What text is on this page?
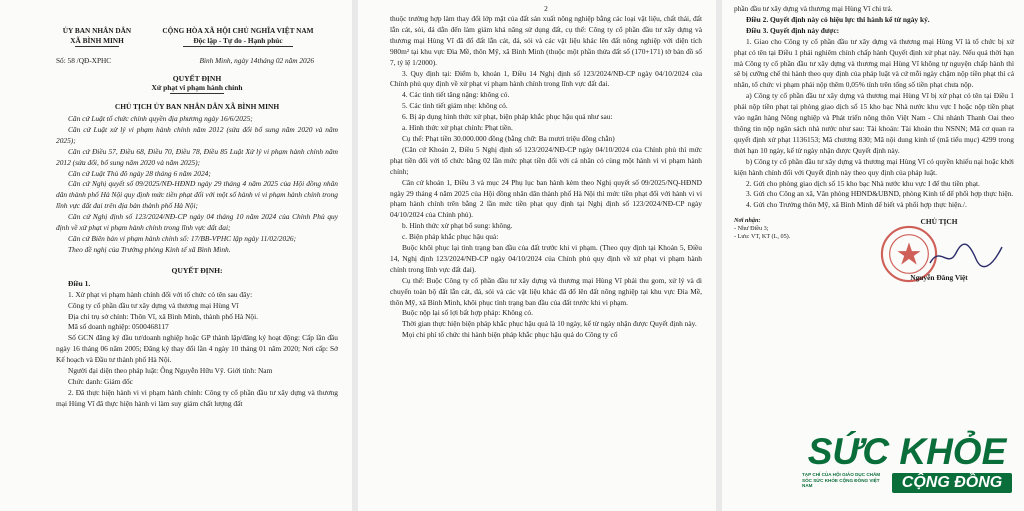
ỦY BAN NHÂN DÂN
XÃ BÌNH MINH
CỘNG HÒA XÃ HỘI CHỦ NGHĨA VIỆT NAM
Độc lập - Tự do - Hạnh phúc
Số: 58 /QĐ-XPHC	Bình Minh, ngày 14tháng 02 năm 2026
QUYẾT ĐỊNH
Xử phạt vi phạm hành chính
CHỦ TỊCH ỦY BAN NHÂN DÂN XÃ BÌNH MINH

Căn cứ Luật tổ chức chính quyền địa phương ngày 16/6/2025;

Căn cứ Luật xử lý vi phạm hành chính năm 2012 (sửa đổi bổ sung năm 2020 và năm 2025);

Căn cứ Điều 57, Điều 68, Điều 70, Điều 78, Điều 85 Luật Xử lý vi phạm hành chính năm 2012 (sửa đổi, bổ sung năm 2020 và năm 2025);

Căn cứ Luật Thủ đô ngày 28 tháng 6 năm 2024;

Căn cứ Nghị quyết số 09/2025/NĐ-HĐND ngày 29 tháng 4 năm 2025 của Hội đồng nhân dân thành phố Hà Nội quy định mức tiền phạt đối với một số hành vi vi phạm hành chính trong lĩnh vực đất đai trên địa bàn thành phố Hà Nội;

Căn cứ Nghị định số 123/2024/NĐ-CP ngày 04 tháng 10 năm 2024 của Chính Phủ quy định về xử phạt vi phạm hành chính trong lĩnh vực đất đai;

Căn cứ Biên bản vi phạm hành chính số: 17/BB-VPHC lập ngày 11/02/2026;

Theo đề nghị của Trưởng phòng Kinh tế xã Bình Minh.

QUYẾT ĐỊNH:

Điều 1.

1. Xử phạt vi phạm hành chính đối với tổ chức có tên sau đây:

Công ty cổ phần đầu tư xây dựng và thương mại Hùng Vĩ

Địa chỉ trụ sở chính: Thôn Vĩ, xã Bình Minh, thành phố Hà Nội.

Mã số doanh nghiệp: 0500468117

Số GCN đăng ký đầu tư/doanh nghiệp hoặc GP thành lập/đăng ký hoạt động: Cấp lần đầu ngày 16 tháng 06 năm 2005; Đăng ký thay đổi lần 4 ngày 10 tháng 01 năm 2020; Nơi cấp: Sở Kế hoạch và Đầu tư thành phố Hà Nội.

Người đại diện theo pháp luật: Ông Nguyễn Hữu Vỹ. Giới tính: Nam

Chức danh: Giám đốc

2. Đã thực hiện hành vi vi phạm hành chính: Công ty cổ phần đầu tư xây dựng và thương mại Hùng Vĩ đã thực hiện hành vi làm suy giảm chất lượng đất

2

thuộc trường hợp làm thay đổi lớp mặt của đất sản xuất nông nghiệp bằng các loại vật liệu, chất thải, đất lẫn cát, sỏi, đá dẫn đến làm giảm khả năng sử dụng đất, cụ thể: Công ty cổ phần đầu tư xây dựng và thương mại Hùng Vĩ đã đổ đất lẫn cát, đá, sỏi và các vật liệu khác lên đất nông nghiệp với diện tích 980m² tại khu vực Đìa Mề, thôn Mỹ, xã Bình Minh (thuộc một phần thửa đất số (170+171) tờ bản đồ số 7, tỷ lệ 1/2000).

3. Quy định tại: Điểm b, khoản 1, Điều 14 Nghị định số 123/2024/NĐ-CP ngày 04/10/2024 của Chính phủ quy định về xử phạt vi phạm hành chính trong lĩnh vực đất đai.

4. Các tình tiết tăng nặng: không có.

5. Các tình tiết giảm nhẹ: không có.

6. Bị áp dụng hình thức xử phạt, biện pháp khắc phục hậu quả như sau:

a. Hình thức xử phạt chính: Phạt tiền.

Cụ thể: Phạt tiền 30.000.000 đồng (bằng chữ: Ba mươi triệu đồng chẵn)

(Căn cứ Khoản 2, Điều 5 Nghị định số 123/2024/NĐ-CP ngày 04/10/2024 của Chính phủ thì mức phạt tiền đối với tổ chức bằng 02 lần mức phạt tiền đối với cá nhân có cùng một hành vi vi phạm hành chính;

Căn cứ khoản 1, Điều 3 và mục 24 Phụ lục ban hành kèm theo Nghị quyết số 09/2025/NQ-HĐND ngày 29 tháng 4 năm 2025 của Hội đồng nhân dân thành phố Hà Nội thì mức tiền phạt đối với hành vi vi phạm hành chính trên bằng 2 lần mức tiền phạt quy định tại Nghị định số 123/2024/NĐ-CP ngày 04/10/2024 của Chính phủ).

b. Hình thức xử phạt bổ sung: không.

c. Biện pháp khắc phục hậu quả:

Buộc khôi phục lại tình trạng ban đầu của đất trước khi vi phạm. (Theo quy định tại Khoản 5, Điều 14, Nghị định 123/2024/NĐ-CP ngày 04/10/2024 của Chính phủ quy định về xử phạt vi phạm hành chính trong lĩnh vực đất đai).

Cụ thể: Buộc Công ty cổ phần đầu tư xây dựng và thương mại Hùng Vĩ phải thu gom, xử lý và di chuyển toàn bộ đất lẫn cát, đá, sỏi và các vật liệu khác đã đổ lên đất nông nghiệp tại khu vực Đìa Mề, thôn Mỹ, xã Bình Minh, khôi phục tình trạng ban đầu của đất trước khi vi phạm.

Buộc nộp lại số lợi bất hợp pháp: Không có.

Thời gian thực hiện biện pháp khắc phục hậu quả là 10 ngày, kể từ ngày nhận được Quyết định này.

Mọi chi phí tổ chức thi hành biện pháp khắc phục hậu quả do Công ty cổ

phần đầu tư xây dựng và thương mại Hùng Vĩ chi trả.

Điều 2. Quyết định này có hiệu lực thi hành kể từ ngày ký.

Điều 3. Quyết định này được:

1. Giao cho Công ty cổ phần đầu tư xây dựng và thương mại Hùng Vĩ là tổ chức bị xử phạt có tên tại Điều 1 phải nghiêm chỉnh chấp hành Quyết định xử phạt này. Nếu quá thời hạn mà Công ty cổ phần đầu tư xây dựng và thương mại Hùng Vĩ không tự nguyện chấp hành thì sẽ bị cưỡng chế thi hành theo quy định của pháp luật và cứ mỗi ngày chậm nộp tiền phạt thì cá nhân, tổ chức vi phạm phải nộp thêm 0,05% tính trên tổng số tiền phạt chưa nộp.

a) Công ty cổ phần đầu tư xây dựng và thương mại Hùng Vĩ bị xử phạt có tên tại Điều 1 phải nộp tiền phạt tại phòng giao dịch số 15 kho bạc Nhà nước khu vực I hoặc nộp tiền phạt vào ngân hàng Nông nghiệp và Phát triển nông thôn Việt Nam - Chi nhánh Thanh Oai theo thông tin nộp ngân sách nhà nước như sau: Tài khoản: Tài khoản thu NSNN; Mã cơ quan ra quyết định xử phạt 1136153; Mã chương 830; Mã nội dung kinh tế (mã tiểu mục) 4299 trong thời hạn 10 ngày, kể từ ngày nhận được Quyết định này.

b) Công ty cổ phần đầu tư xây dựng và thương mại Hùng Vĩ có quyền khiếu nại hoặc khởi kiện hành chính đối với Quyết định này theo quy định của pháp luật.

2. Gửi cho phòng giao dịch số 15 kho bạc Nhà nước khu vực I để thu tiền phạt.

3. Gửi cho Công an xã, Văn phòng HĐND&UBND, phòng Kinh tế để phối hợp thực hiện.

4. Gửi cho Trưởng thôn Mỹ, xã Bình Minh để biết và phối hợp thực hiện./.

Nơi nhận:
- Như Điều 3;
- Lưu: VT, KT (L, 05).
CHỦ TỊCH
Nguyễn Đăng Việt
SỨC KHỎE
TẠP CHÍ CỦA HỘI GIÁO DỤC CHĂM SÓC SỨC KHỎE CỘNG ĐỒNG VIỆT NAM	CỘNG ĐỒNG
